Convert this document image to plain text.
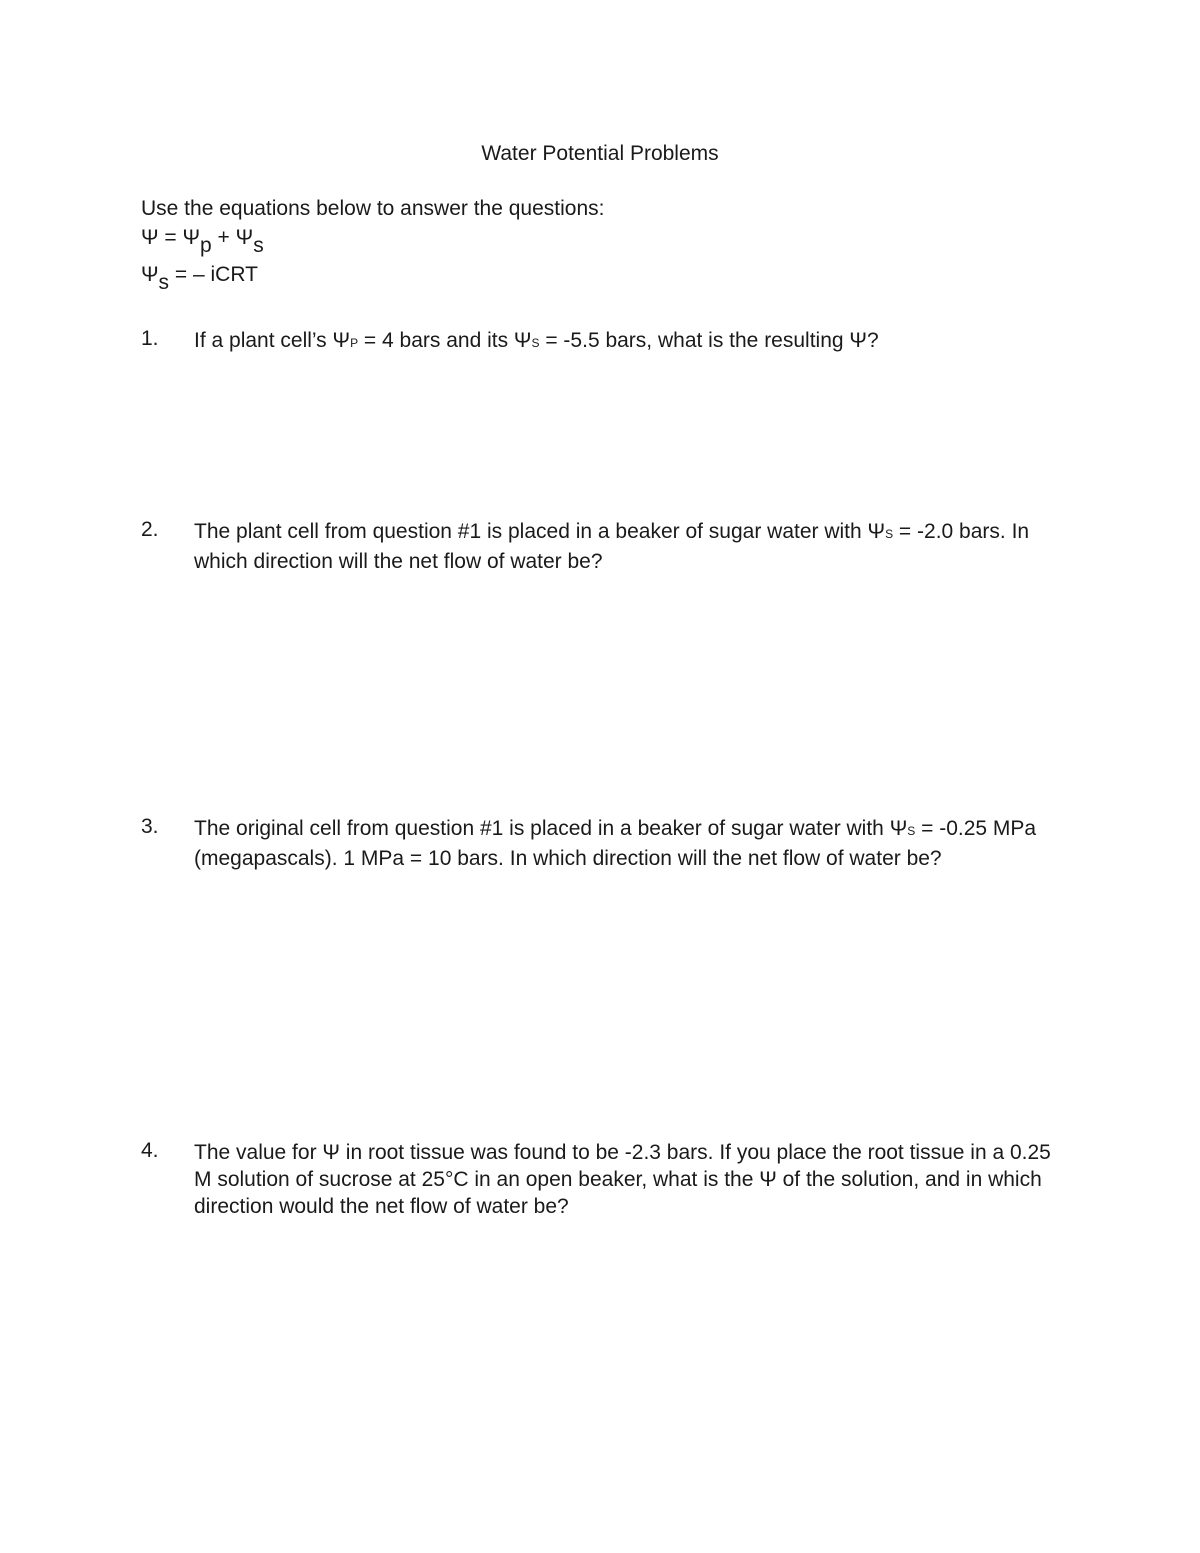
Water Potential Problems
Use the equations below to answer the questions:
Ψ = Ψp + Ψs
Ψs = – iCRT
1. If a plant cell’s ΨP = 4 bars and its ΨS = -5.5 bars, what is the resulting Ψ?
2. The plant cell from question #1 is placed in a beaker of sugar water with ΨS = -2.0 bars. In which direction will the net flow of water be?
3. The original cell from question #1 is placed in a beaker of sugar water with ΨS = -0.25 MPa (megapascals). 1 MPa = 10 bars. In which direction will the net flow of water be?
4. The value for Ψ in root tissue was found to be -2.3 bars. If you place the root tissue in a 0.25 M solution of sucrose at 25°C in an open beaker, what is the Ψ of the solution, and in which direction would the net flow of water be?
